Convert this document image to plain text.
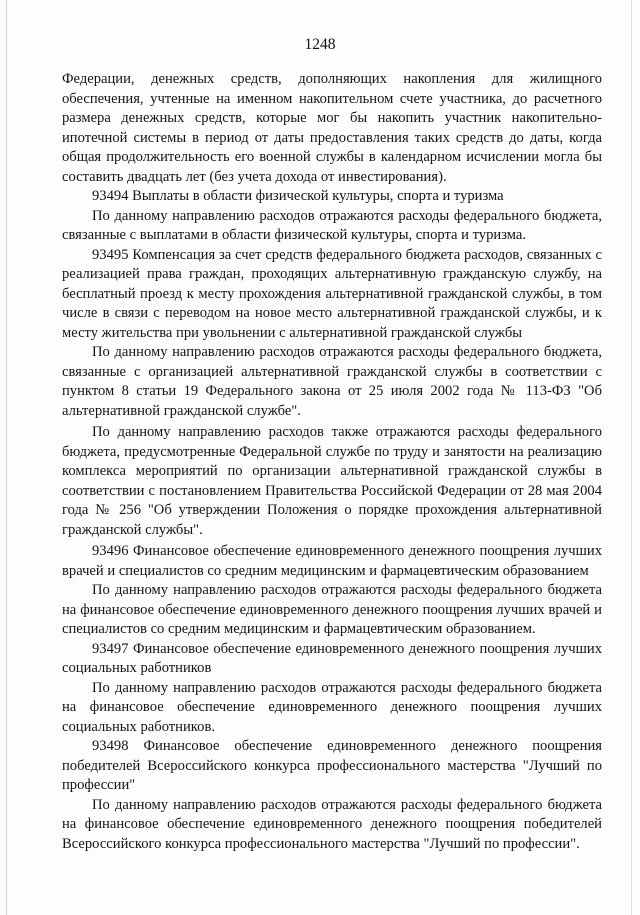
1248

Федерации, денежных средств, дополняющих накопления для жилищного обеспечения, учтенные на именном накопительном счете участника, до расчетного размера денежных средств, которые мог бы накопить участник накопительно-ипотечной системы в период от даты предоставления таких средств до даты, когда общая продолжительность его военной службы в календарном исчислении могла бы составить двадцать лет (без учета дохода от инвестирования).

93494 Выплаты в области физической культуры, спорта и туризма

По данному направлению расходов отражаются расходы федерального бюджета, связанные с выплатами в области физической культуры, спорта и туризма.

93495 Компенсация за счет средств федерального бюджета расходов, связанных с реализацией права граждан, проходящих альтернативную гражданскую службу, на бесплатный проезд к месту прохождения альтернативной гражданской службы, в том числе в связи с переводом на новое место альтернативной гражданской службы, и к месту жительства при увольнении с альтернативной гражданской службы

По данному направлению расходов отражаются расходы федерального бюджета, связанные с организацией альтернативной гражданской службы в соответствии с пунктом 8 статьи 19 Федерального закона от 25 июля 2002 года № 113-ФЗ "Об альтернативной гражданской службе".

По данному направлению расходов также отражаются расходы федерального бюджета, предусмотренные Федеральной службе по труду и занятости на реализацию комплекса мероприятий по организации альтернативной гражданской службы в соответствии с постановлением Правительства Российской Федерации от 28 мая 2004 года № 256 "Об утверждении Положения о порядке прохождения альтернативной гражданской службы".

93496 Финансовое обеспечение единовременного денежного поощрения лучших врачей и специалистов со средним медицинским и фармацевтическим образованием

По данному направлению расходов отражаются расходы федерального бюджета на финансовое обеспечение единовременного денежного поощрения лучших врачей и специалистов со средним медицинским и фармацевтическим образованием.

93497 Финансовое обеспечение единовременного денежного поощрения лучших социальных работников

По данному направлению расходов отражаются расходы федерального бюджета на финансовое обеспечение единовременного денежного поощрения лучших социальных работников.

93498 Финансовое обеспечение единовременного денежного поощрения победителей Всероссийского конкурса профессионального мастерства "Лучший по профессии"

По данному направлению расходов отражаются расходы федерального бюджета на финансовое обеспечение единовременного денежного поощрения победителей Всероссийского конкурса профессионального мастерства "Лучший по профессии".
